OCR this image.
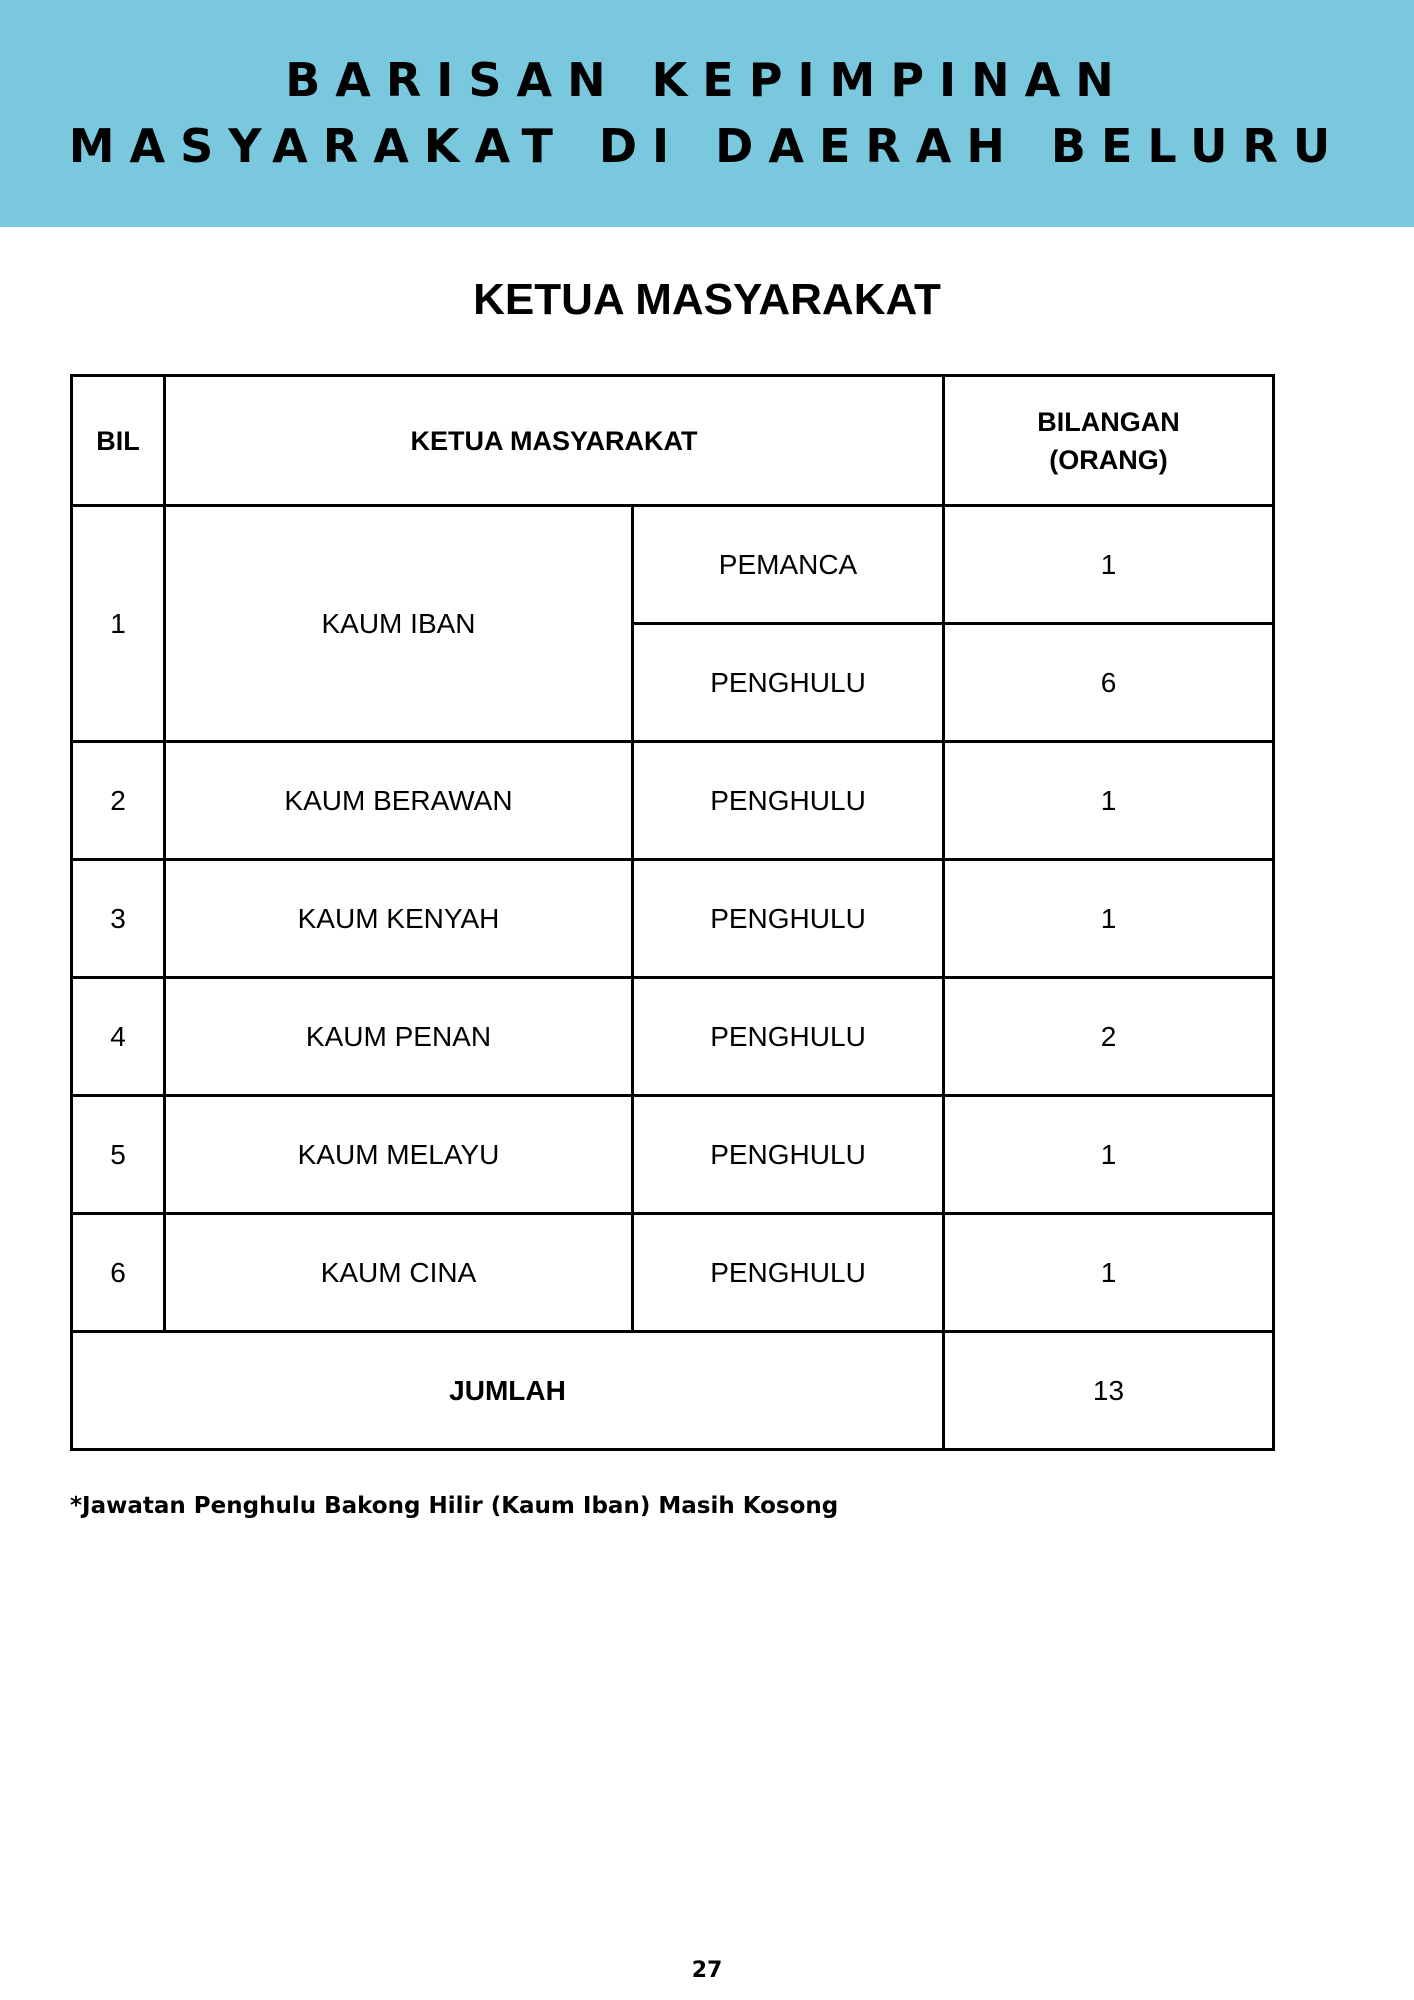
BARISAN KEPIMPINAN
MASYARAKAT DI DAERAH BELURU
KETUA MASYARAKAT
BIL	KETUA MASYARAKAT		BILANGAN
(ORANG)
1	KAUM IBAN	PEMANCA	1
		PENGHULU	6
2	KAUM BERAWAN	PENGHULU	1
3	KAUM KENYAH	PENGHULU	1
4	KAUM PENAN	PENGHULU	2
5	KAUM MELAYU	PENGHULU	1
6	KAUM CINA	PENGHULU	1
JUMLAH			13
*Jawatan Penghulu Bakong Hilir (Kaum Iban) Masih Kosong
27
